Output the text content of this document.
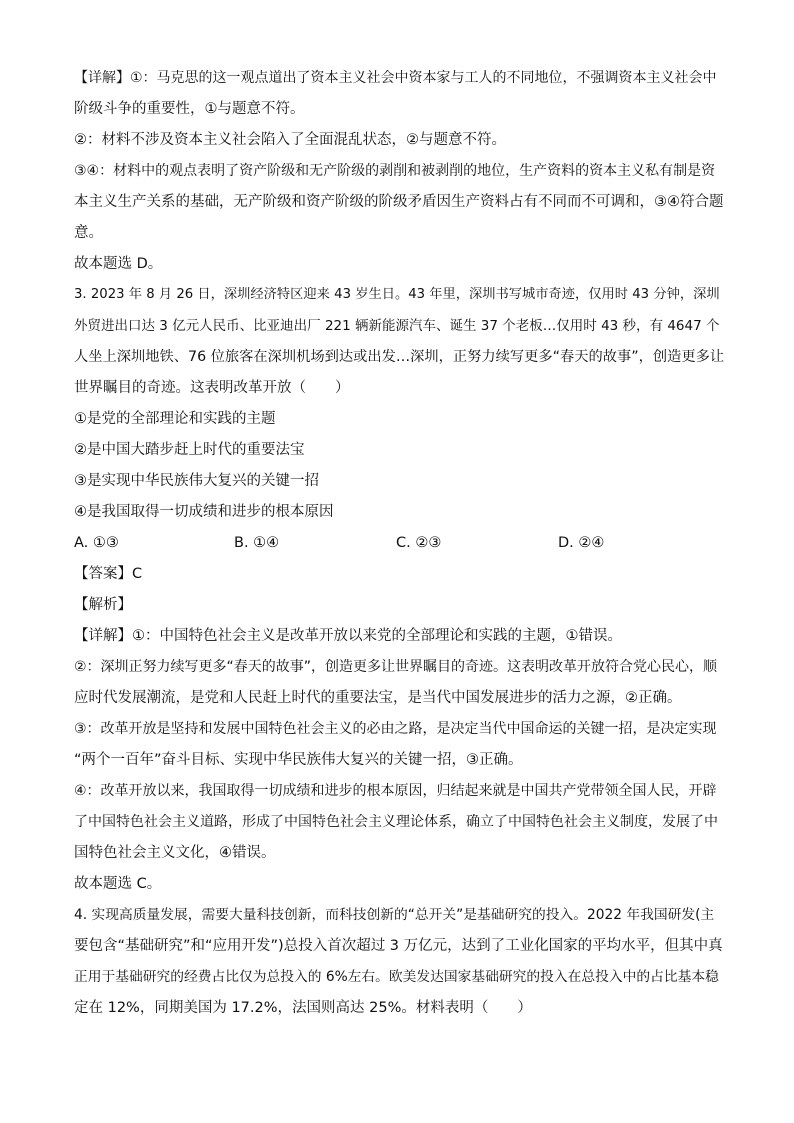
【详解】①：马克思的这一观点道出了资本主义社会中资本家与工人的不同地位，不强调资本主义社会中
阶级斗争的重要性，①与题意不符。
②：材料不涉及资本主义社会陷入了全面混乱状态，②与题意不符。
③④：材料中的观点表明了资产阶级和无产阶级的剥削和被剥削的地位，生产资料的资本主义私有制是资
本主义生产关系的基础，无产阶级和资产阶级的阶级矛盾因生产资料占有不同而不可调和，③④符合题
意。
故本题选 D。
3. 2023 年 8 月 26 日，深圳经济特区迎来 43 岁生日。43 年里，深圳书写城市奇迹，仅用时 43 分钟，深圳
外贸进出口达 3 亿元人民币、比亚迪出厂 221 辆新能源汽车、诞生 37 个老板…仅用时 43 秒，有 4647 个
人坐上深圳地铁、76 位旅客在深圳机场到达或出发…深圳，正努力续写更多“春天的故事”，创造更多让
世界瞩目的奇迹。这表明改革开放（　　）
①是党的全部理论和实践的主题
②是中国大踏步赶上时代的重要法宝
③是实现中华民族伟大复兴的关键一招
④是我国取得一切成绩和进步的根本原因
A. ①③	B. ①④	C. ②③	D. ②④
【答案】C
【解析】
【详解】①：中国特色社会主义是改革开放以来党的全部理论和实践的主题，①错误。
②：深圳正努力续写更多“春天的故事”，创造更多让世界瞩目的奇迹。这表明改革开放符合党心民心，顺
应时代发展潮流，是党和人民赶上时代的重要法宝，是当代中国发展进步的活力之源，②正确。
③：改革开放是坚持和发展中国特色社会主义的必由之路，是决定当代中国命运的关键一招，是决定实现
“两个一百年”奋斗目标、实现中华民族伟大复兴的关键一招，③正确。
④：改革开放以来，我国取得一切成绩和进步的根本原因，归结起来就是中国共产党带领全国人民，开辟
了中国特色社会主义道路，形成了中国特色社会主义理论体系，确立了中国特色社会主义制度，发展了中
国特色社会主义文化，④错误。
故本题选 C。
4. 实现高质量发展，需要大量科技创新，而科技创新的“总开关”是基础研究的投入。2022 年我国研发(主
要包含“基础研究”和“应用开发”)总投入首次超过 3 万亿元，达到了工业化国家的平均水平，但其中真
正用于基础研究的经费占比仅为总投入的 6%左右。欧美发达国家基础研究的投入在总投入中的占比基本稳
定在 12%，同期美国为 17.2%，法国则高达 25%。材料表明（　　）
